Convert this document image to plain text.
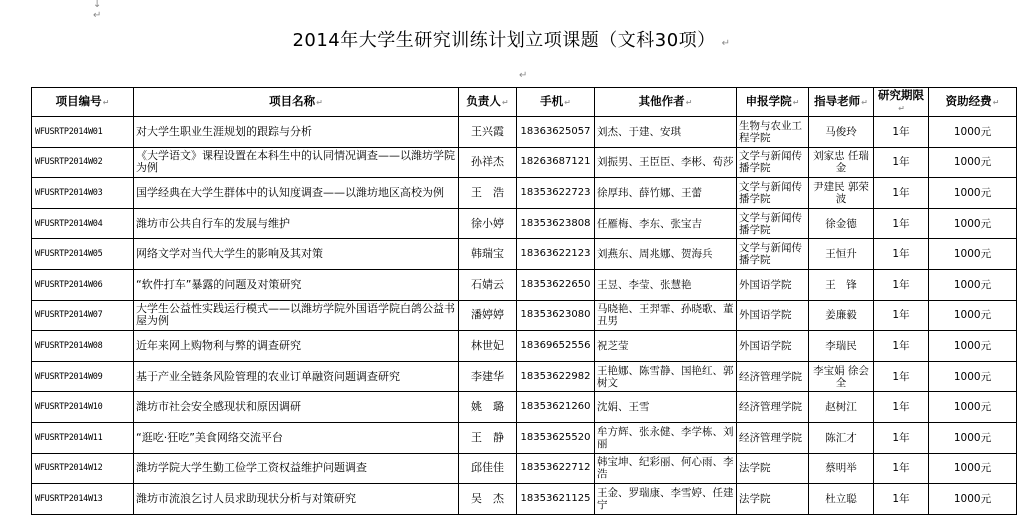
↓
↵
2014年大学生研究训练计划立项课题（文科30项） ↵
↵
项目编号↵	项目名称↵	负责人↵	手机↵	其他作者↵	申报学院↵	指导老师↵	研究期限↵	资助经费↵
WFUSRTP2014W01	对大学生职业生涯规划的跟踪与分析	王兴霞	18363625057	刘杰、于建、安琪	生物与农业工程学院	马俊玲	1年	1000元
WFUSRTP2014W02	《大学语文》课程设置在本科生中的认同情况调查——以潍坊学院为例	孙祥杰	18263687121	刘振男、王臣臣、李彬、荀莎	文学与新闻传播学院	刘家忠 任瑞金	1年	1000元
WFUSRTP2014W03	国学经典在大学生群体中的认知度调查——以潍坊地区高校为例	王　浩	18353622723	徐厚玮、薛竹娜、王蕾	文学与新闻传播学院	尹建民 郭荣波	1年	1000元
WFUSRTP2014W04	潍坊市公共自行车的发展与维护	徐小婷	18353623808	任雁梅、李东、张宝吉	文学与新闻传播学院	徐金德	1年	1000元
WFUSRTP2014W05	网络文学对当代大学生的影响及其对策	韩瑞宝	18363622123	刘燕东、周兆娜、贺海兵	文学与新闻传播学院	王恒升	1年	1000元
WFUSRTP2014W06	“软件打车”暴露的问题及对策研究	石婧云	18353622650	王昱、李莹、张慧艳	外国语学院	王　锋	1年	1000元
WFUSRTP2014W07	大学生公益性实践运行模式——以潍坊学院外国语学院白鸽公益书屋为例	潘婷婷	18353623080	马晓艳、王羿霏、孙晓歌、董丑男	外国语学院	姜廉毅	1年	1000元
WFUSRTP2014W08	近年来网上购物利与弊的调查研究	林世妃	18369652556	祝芝莹	外国语学院	李瑞民	1年	1000元
WFUSRTP2014W09	基于产业全链条风险管理的农业订单融资问题调查研究	李建华	18353622982	王艳娜、陈雪静、国艳红、郭树文	经济管理学院	李宝娟 徐会全	1年	1000元
WFUSRTP2014W10	潍坊市社会安全感现状和原因调研	姚　璐	18353621260	沈娟、王雪	经济管理学院	赵树江	1年	1000元
WFUSRTP2014W11	“逛吃·狂吃”美食网络交流平台	王　静	18353625520	牟方辉、张永健、李学栋、刘丽	经济管理学院	陈汇才	1年	1000元
WFUSRTP2014W12	潍坊学院大学生勤工俭学工资权益维护问题调查	邱佳佳	18353622712	韩宝坤、纪彩丽、何心雨、李浩	法学院	蔡明举	1年	1000元
WFUSRTP2014W13	潍坊市流浪乞讨人员求助现状分析与对策研究	吴　杰	18353621125	王金、罗瑞康、李雪婷、任建宁	法学院	杜立聪	1年	1000元
